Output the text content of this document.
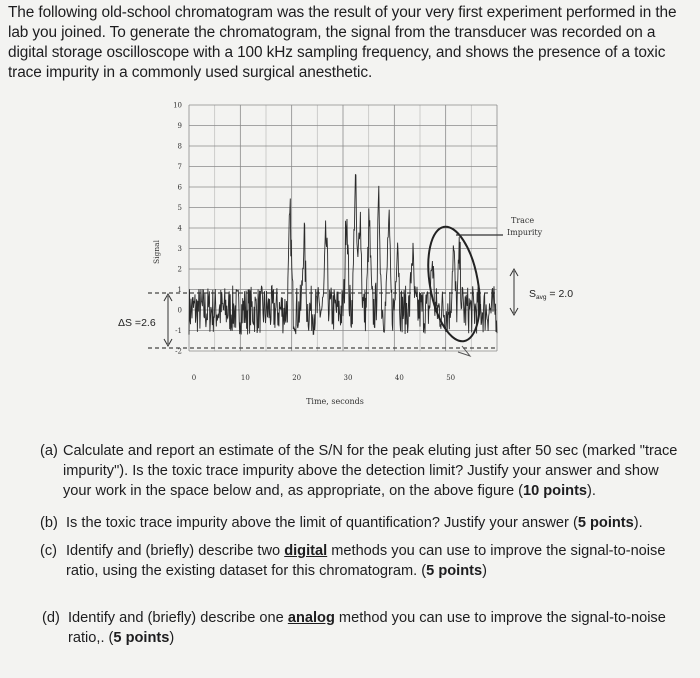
The following old-school chromatogram was the result of your very first experiment performed in the lab you joined. To generate the chromatogram, the signal from the transducer was recorded on a digital storage oscilloscope with a 100 kHz sampling frequency, and shows the presence of a toxic trace impurity in a commonly used surgical anesthetic.

10
9
8
7
6
5
4
3
2
1
0
-1
-2
0	10	20	30	40	50
Signal
Time, seconds
Trace
Impurity
ΔS =2.6
Savg = 2.0
(a) Calculate and report an estimate of the S/N for the peak eluting just after 50 sec (marked "trace impurity"). Is the toxic trace impurity above the detection limit? Justify your answer and show your work in the space below and, as appropriate, on the above figure (10 points).
(b) Is the toxic trace impurity above the limit of quantification? Justify your answer (5 points).
(c) Identify and (briefly) describe two digital methods you can use to improve the signal-to-noise ratio, using the existing dataset for this chromatogram. (5 points)
(d) Identify and (briefly) describe one analog method you can use to improve the signal-to-noise ratio,. (5 points)
